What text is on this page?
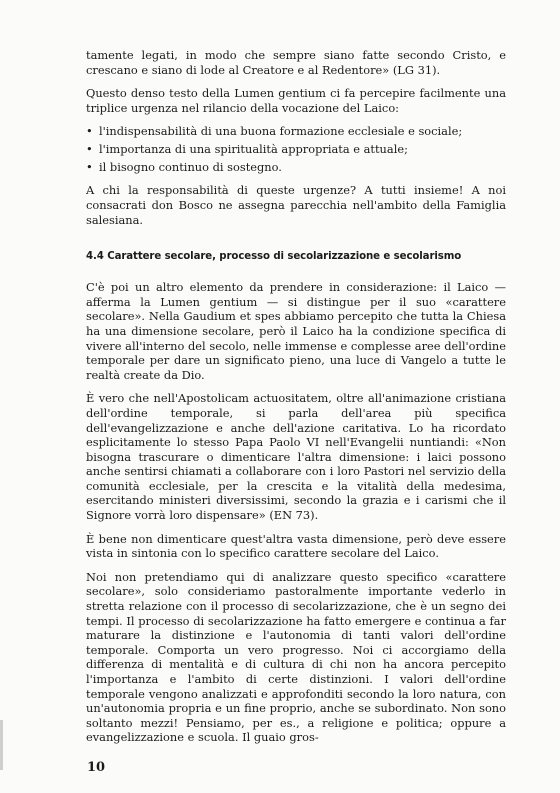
tamente legati, in modo che sempre siano fatte secondo Cristo, e crescano e siano di lode al Creatore e al Redentore» (LG 31).

Questo denso testo della Lumen gentium ci fa percepire facilmente una triplice urgenza nel rilancio della vocazione del Laico:

• l'indispensabilità di una buona formazione ecclesiale e sociale;
• l'importanza di una spiritualità appropriata e attuale;
• il bisogno continuo di sostegno.

A chi la responsabilità di queste urgenze? A tutti insieme! A noi consacrati don Bosco ne assegna parecchia nell'ambito della Famiglia salesiana.

4.4 Carattere secolare, processo di secolarizzazione e secolarismo

C'è poi un altro elemento da prendere in considerazione: il Laico — afferma la Lumen gentium — si distingue per il suo «carattere secolare». Nella Gaudium et spes abbiamo percepito che tutta la Chiesa ha una dimensione secolare, però il Laico ha la condizione specifica di vivere all'interno del secolo, nelle immense e complesse aree dell'ordine temporale per dare un significato pieno, una luce di Vangelo a tutte le realtà create da Dio.

È vero che nell'Apostolicam actuositatem, oltre all'animazione cristiana dell'ordine temporale, si parla dell'area più specifica dell'evangelizzazione e anche dell'azione caritativa. Lo ha ricordato esplicitamente lo stesso Papa Paolo VI nell'Evangelii nuntiandi: «Non bisogna trascurare o dimenticare l'altra dimensione: i laici possono anche sentirsi chiamati a collaborare con i loro Pastori nel servizio della comunità ecclesiale, per la crescita e la vitalità della medesima, esercitando ministeri diversissimi, secondo la grazia e i carismi che il Signore vorrà loro dispensare» (EN 73).

È bene non dimenticare quest'altra vasta dimensione, però deve essere vista in sintonia con lo specifico carattere secolare del Laico.

Noi non pretendiamo qui di analizzare questo specifico «carattere secolare», solo consideriamo pastoralmente importante vederlo in stretta relazione con il processo di secolarizzazione, che è un segno dei tempi. Il processo di secolarizzazione ha fatto emergere e continua a far maturare la distinzione e l'autonomia di tanti valori dell'ordine temporale. Comporta un vero progresso. Noi ci accorgiamo della differenza di mentalità e di cultura di chi non ha ancora percepito l'importanza e l'ambito di certe distinzioni. I valori dell'ordine temporale vengono analizzati e approfonditi secondo la loro natura, con un'autonomia propria e un fine proprio, anche se subordinato. Non sono soltanto mezzi! Pensiamo, per es., a religione e politica; oppure a evangelizzazione e scuola. Il guaio gros-

10
